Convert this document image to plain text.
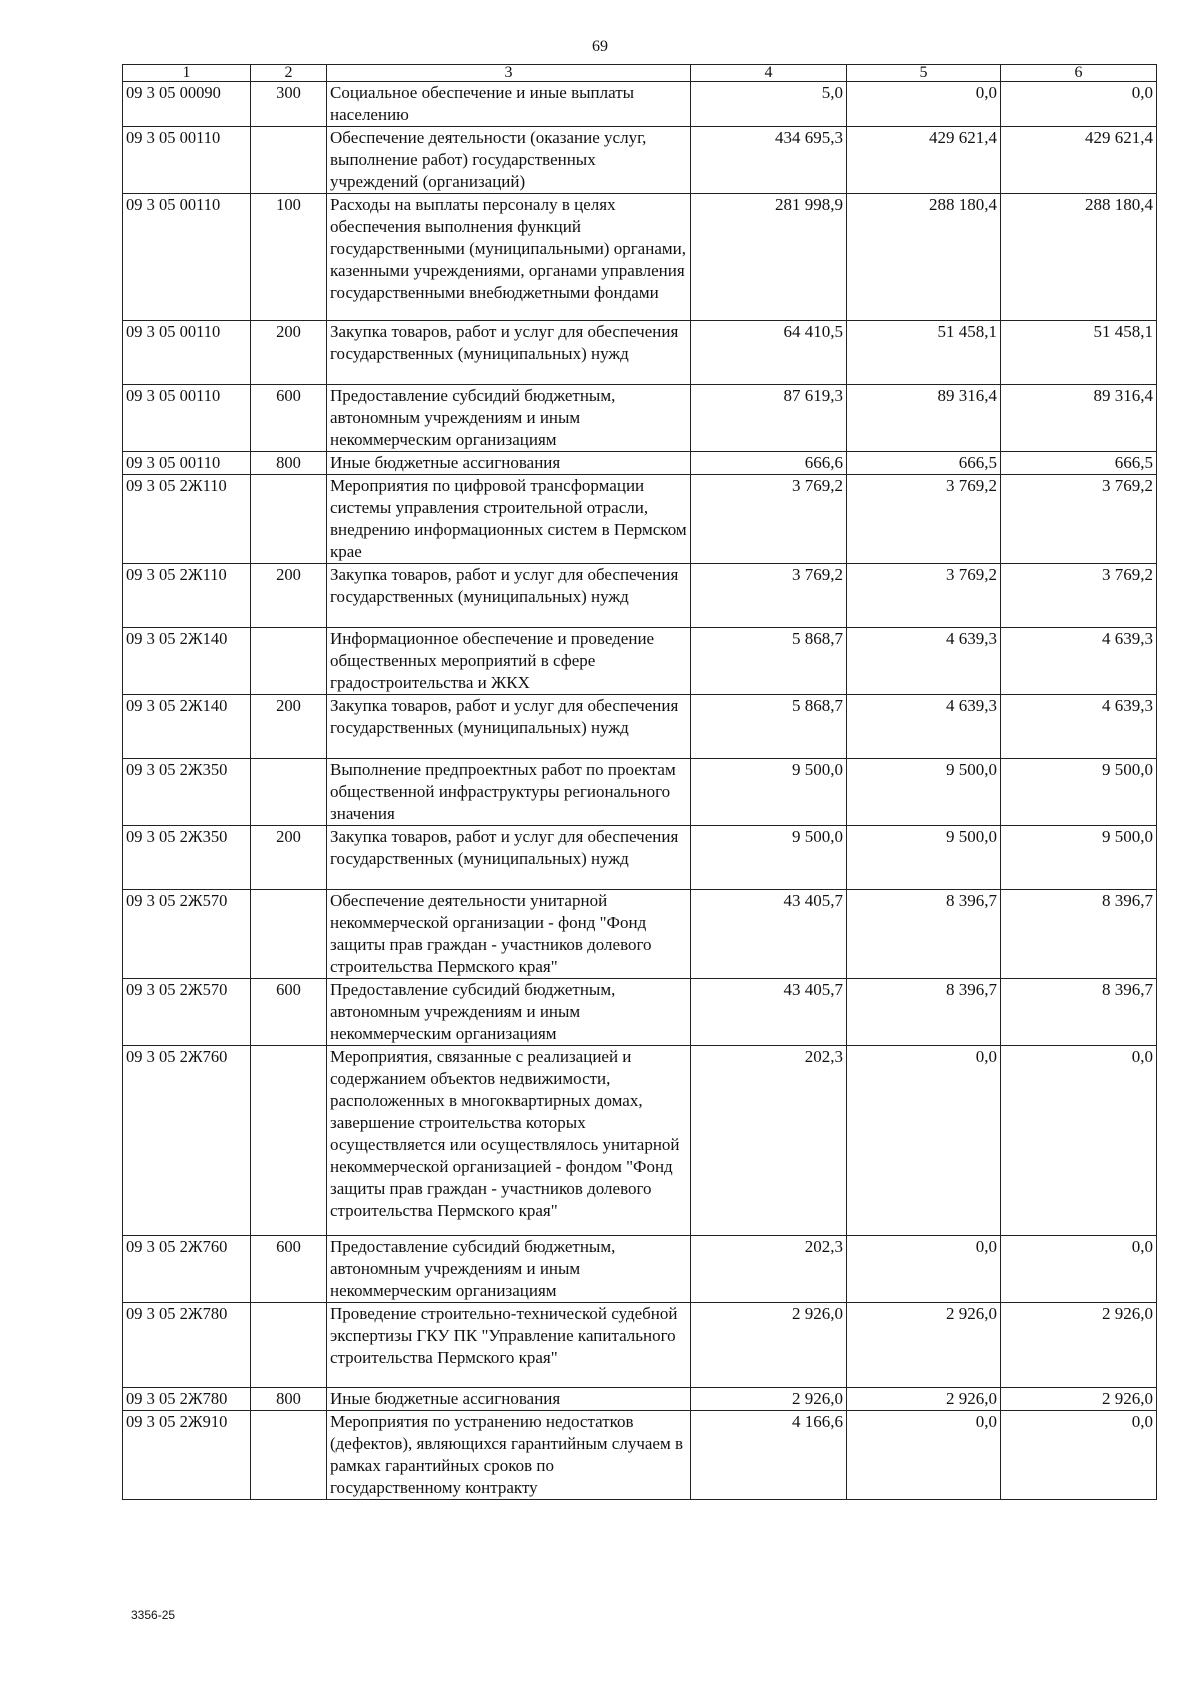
69
1	2	3	4	5	6
09 3 05 00090	300	Социальное обеспечение и иные выплаты населению	5,0	0,0	0,0
09 3 05 00110		Обеспечение деятельности (оказание услуг, выполнение работ) государственных учреждений (организаций)	434 695,3	429 621,4	429 621,4
09 3 05 00110	100	Расходы на выплаты персоналу в целях обеспечения выполнения функций государственными (муниципальными) органами, казенными учреждениями, органами управления государственными внебюджетными фондами	281 998,9	288 180,4	288 180,4
09 3 05 00110	200	Закупка товаров, работ и услуг для обеспечения государственных (муниципальных) нужд	64 410,5	51 458,1	51 458,1
09 3 05 00110	600	Предоставление субсидий бюджетным, автономным учреждениям и иным некоммерческим организациям	87 619,3	89 316,4	89 316,4
09 3 05 00110	800	Иные бюджетные ассигнования	666,6	666,5	666,5
09 3 05 2Ж110		Мероприятия по цифровой трансформации системы управления строительной отрасли, внедрению информационных систем в Пермском крае	3 769,2	3 769,2	3 769,2
09 3 05 2Ж110	200	Закупка товаров, работ и услуг для обеспечения государственных (муниципальных) нужд	3 769,2	3 769,2	3 769,2
09 3 05 2Ж140		Информационное обеспечение и проведение общественных мероприятий в сфере градостроительства и ЖКХ	5 868,7	4 639,3	4 639,3
09 3 05 2Ж140	200	Закупка товаров, работ и услуг для обеспечения государственных (муниципальных) нужд	5 868,7	4 639,3	4 639,3
09 3 05 2Ж350		Выполнение предпроектных работ по проектам общественной инфраструктуры регионального значения	9 500,0	9 500,0	9 500,0
09 3 05 2Ж350	200	Закупка товаров, работ и услуг для обеспечения государственных (муниципальных) нужд	9 500,0	9 500,0	9 500,0
09 3 05 2Ж570		Обеспечение деятельности унитарной некоммерческой организации - фонд "Фонд защиты прав граждан - участников долевого строительства Пермского края"	43 405,7	8 396,7	8 396,7
09 3 05 2Ж570	600	Предоставление субсидий бюджетным, автономным учреждениям и иным некоммерческим организациям	43 405,7	8 396,7	8 396,7
09 3 05 2Ж760		Мероприятия, связанные с реализацией и содержанием объектов недвижимости, расположенных в многоквартирных домах, завершение строительства которых осуществляется или осуществлялось унитарной некоммерческой организацией - фондом "Фонд защиты прав граждан - участников долевого строительства Пермского края"	202,3	0,0	0,0
09 3 05 2Ж760	600	Предоставление субсидий бюджетным, автономным учреждениям и иным некоммерческим организациям	202,3	0,0	0,0
09 3 05 2Ж780		Проведение строительно-технической судебной экспертизы ГКУ ПК "Управление капитального строительства Пермского края"	2 926,0	2 926,0	2 926,0
09 3 05 2Ж780	800	Иные бюджетные ассигнования	2 926,0	2 926,0	2 926,0
09 3 05 2Ж910		Мероприятия по устранению недостатков (дефектов), являющихся гарантийным случаем в рамках гарантийных сроков по государственному контракту	4 166,6	0,0	0,0
3356-25
